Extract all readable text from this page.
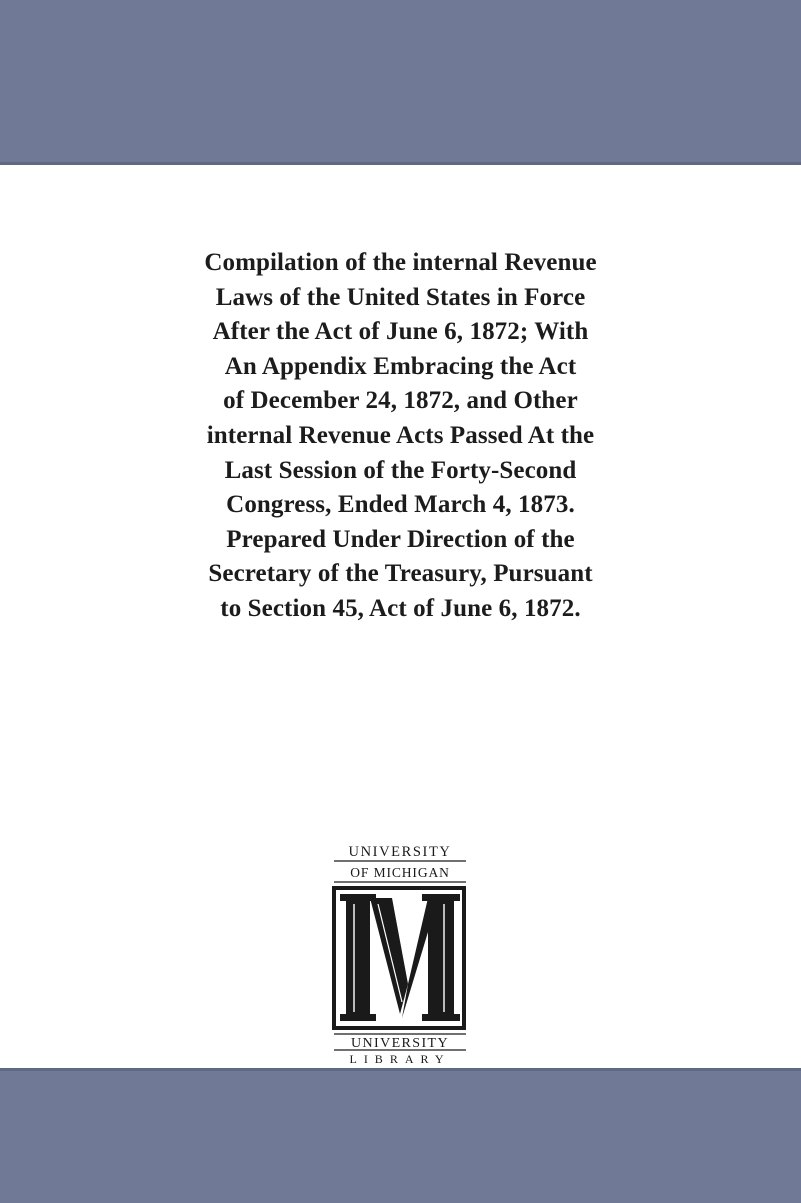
Compilation of the internal Revenue
Laws of the United States in Force
After the Act of June 6, 1872; With
An Appendix Embracing the Act
of December 24, 1872, and Other
internal Revenue Acts Passed At the
Last Session of the Forty-Second
Congress, Ended March 4, 1873.
Prepared Under Direction of the
Secretary of the Treasury, Pursuant
to Section 45, Act of June 6, 1872.
UNIVERSITY
OF MICHIGAN
UNIVERSITY
LIBRARY
